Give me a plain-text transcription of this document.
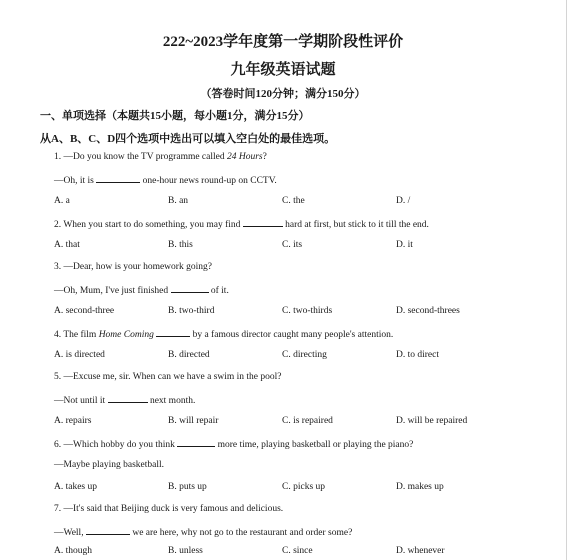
222~2023学年度第一学期阶段性评价
九年级英语试题
（答卷时间120分钟；满分150分）
一、单项选择（本题共15小题，每小题1分，满分15分）
从A、B、C、D四个选项中选出可以填入空白处的最佳选项。
1. —Do you know the TV programme called 24 Hours?
—Oh, it is	one-hour news round-up on CCTV.
A. a	B. an	C. the	D. /
2. When you start to do something, you may find	hard at first, but stick to it till the end.
A. that	B. this	C. its	D. it
3. —Dear, how is your homework going?
—Oh, Mum, I've just finished	of it.
A. second-three	B. two-third	C. two-thirds	D. second-threes
4. The film Home Coming	by a famous director caught many people's attention.
A. is directed	B. directed	C. directing	D. to direct
5. —Excuse me, sir. When can we have a swim in the pool?
—Not until it	next month.
A. repairs	B. will repair	C. is repaired	D. will be repaired
6. —Which hobby do you think	more time, playing basketball or playing the piano?
—Maybe playing basketball.
A. takes up	B. puts up	C. picks up	D. makes up
7. —It's said that Beijing duck is very famous and delicious.
—Well,	we are here, why not go to the restaurant and order some?
A. though	B. unless	C. since	D. whenever
